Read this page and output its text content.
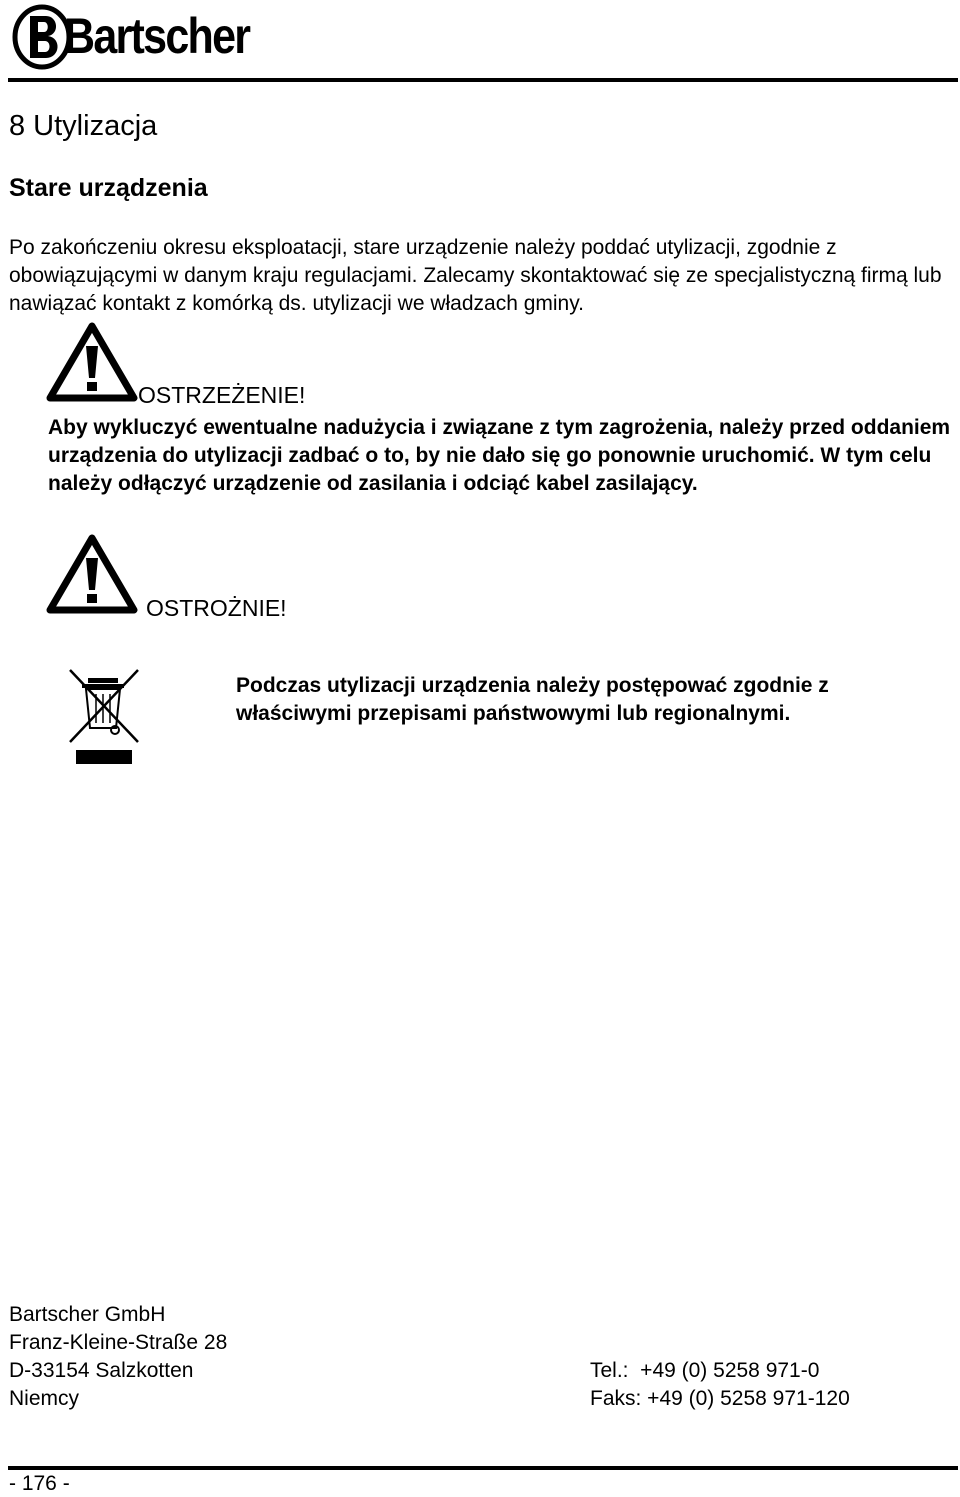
Bartscher
8 Utylizacja
Stare urządzenia
Po zakończeniu okresu eksploatacji, stare urządzenie należy poddać utylizacji, zgodnie z obowiązującymi w danym kraju regulacjami. Zalecamy skontaktować się ze specjalistyczną firmą lub nawiązać kontakt z komórką ds. utylizacji we władzach gminy.
OSTRZEŻENIE!
Aby wykluczyć ewentualne nadużycia i związane z tym zagrożenia, należy przed oddaniem urządzenia do utylizacji zadbać o to, by nie dało się go ponownie uruchomić. W tym celu należy odłączyć urządzenie od zasilania i odciąć kabel zasilający.
OSTROŻNIE!
Podczas utylizacji urządzenia należy postępować zgodnie z właściwymi przepisami państwowymi lub regionalnymi.
Bartscher GmbH
Franz-Kleine-Straße 28
D-33154 Salzkotten
Niemcy
Tel.:  +49 (0) 5258 971-0
Faks: +49 (0) 5258 971-120
- 176 -
